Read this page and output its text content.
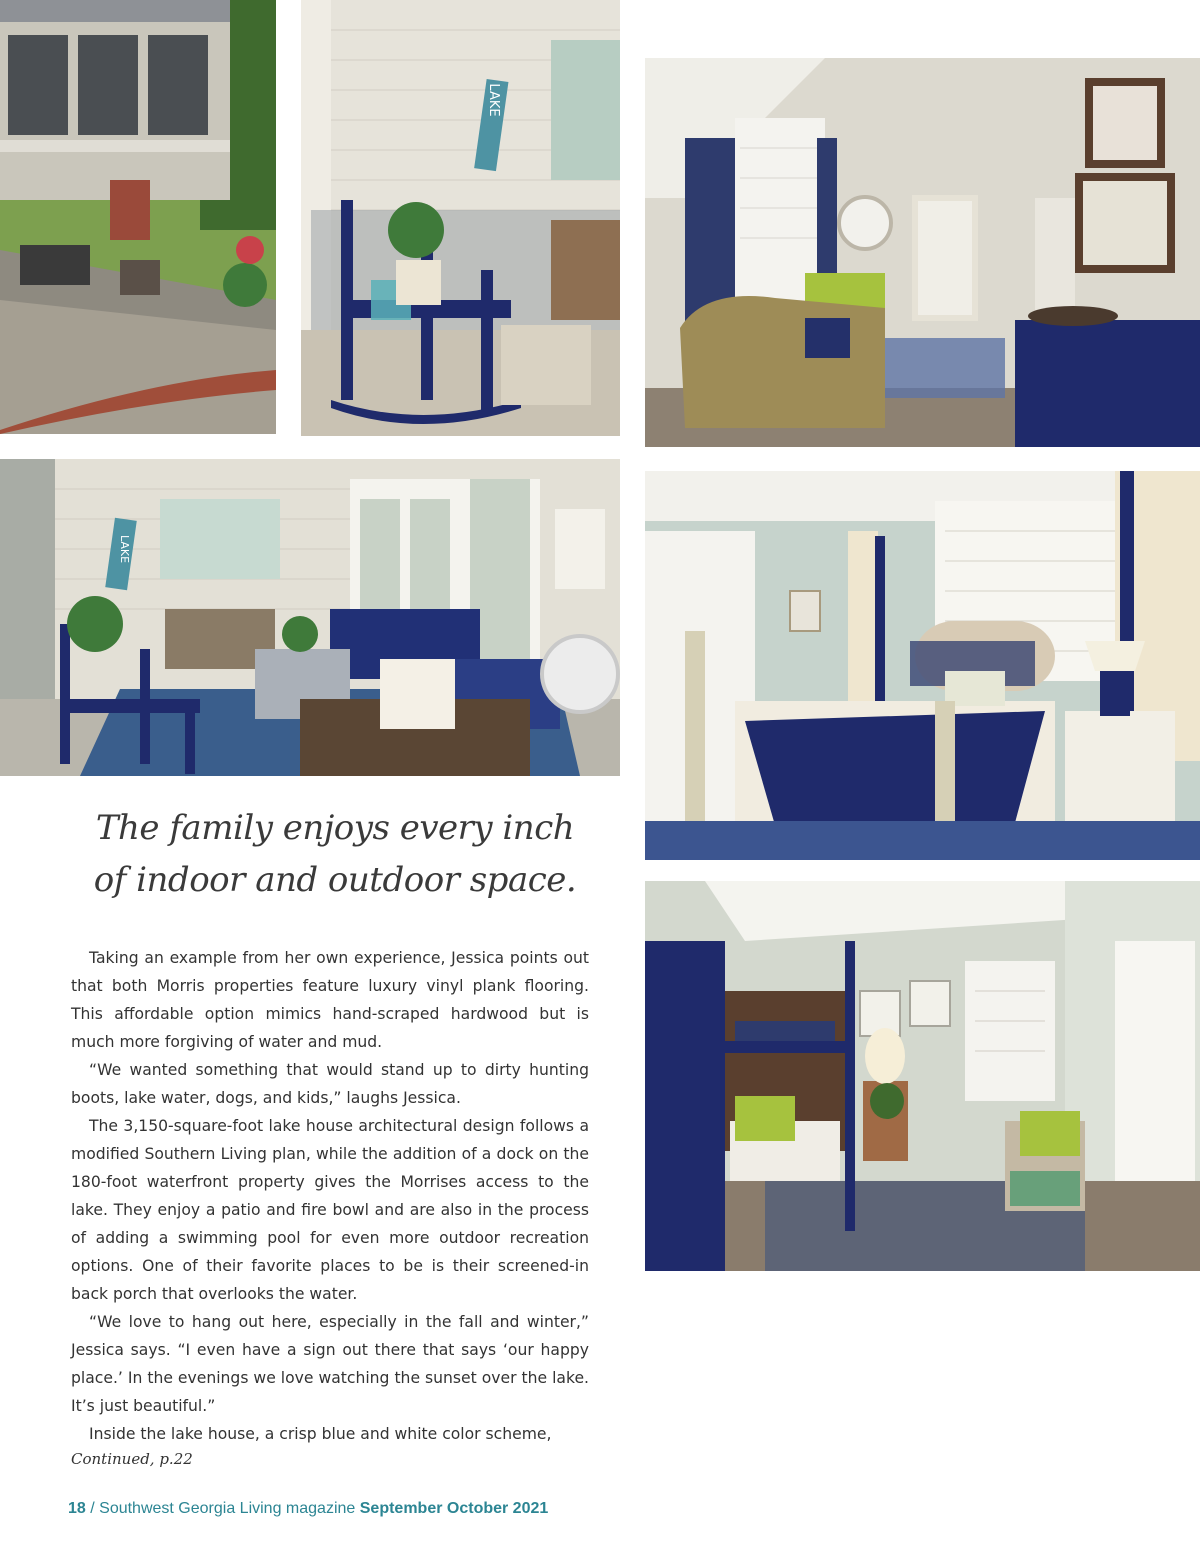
LAKE
LAKE
The family enjoys every inch
of indoor and outdoor space.

Taking an example from her own experience, Jessica points out that both Morris properties feature luxury vinyl plank flooring. This affordable option mimics hand-scraped hardwood but is much more forgiving of water and mud.

“We wanted something that would stand up to dirty hunting boots, lake water, dogs, and kids,” laughs Jessica.

The 3,150-square-foot lake house architectural design follows a modified Southern Living plan, while the addition of a dock on the 180-foot waterfront property gives the Morrises access to the lake. They enjoy a patio and fire bowl and are also in the process of adding a swimming pool for even more outdoor recreation options. One of their favorite places to be is their screened-in back porch that overlooks the water.

“We love to hang out here, especially in the fall and winter,” Jessica says. “I even have a sign out there that says ‘our happy place.’ In the evenings we love watching the sunset over the lake. It’s just beautiful.”

Inside the lake house, a crisp blue and white color scheme,

Continued, p.22
18 / Southwest Georgia Living magazine September October 2021
